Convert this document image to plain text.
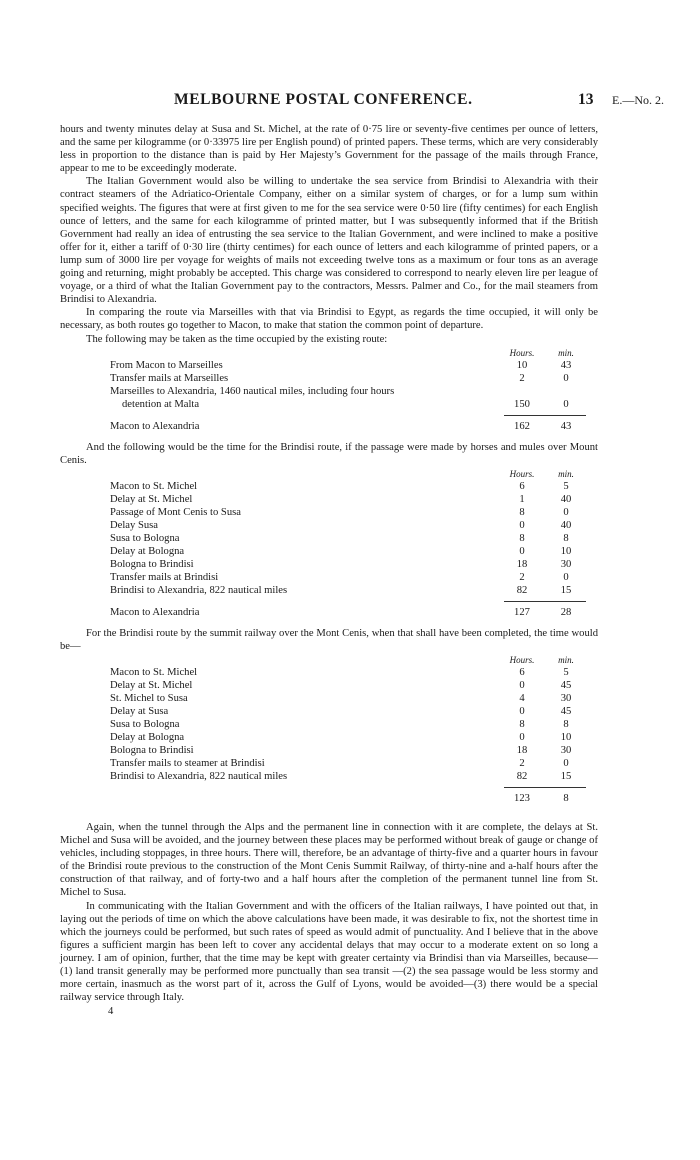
MELBOURNE POSTAL CONFERENCE.	13 E.—No. 2.

hours and twenty minutes delay at Susa and St. Michel, at the rate of 0·75 lire or seventy-five centimes per ounce of letters, and the same per kilogramme (or 0·33975 lire per English pound) of printed papers. These terms, which are very considerably less in proportion to the distance than is paid by Her Majesty’s Government for the passage of the mails through France, appear to me to be exceedingly moderate.

The Italian Government would also be willing to undertake the sea service from Brindisi to Alexandria with their contract steamers of the Adriatico-Orientale Company, either on a similar system of charges, or for a lump sum within specified weights. The figures that were at first given to me for the sea service were 0·50 lire (fifty centimes) for each English ounce of letters, and the same for each kilogramme of printed matter, but I was subsequently informed that if the British Government had really an idea of entrusting the sea service to the Italian Government, and were inclined to make a positive offer for it, either a tariff of 0·30 lire (thirty centimes) for each ounce of letters and each kilogramme of printed papers, or a lump sum of 3000 lire per voyage for weights of mails not exceeding twelve tons as a maximum or four tons as an average going and returning, might probably be accepted. This charge was considered to correspond to nearly eleven lire per league of voyage, or a third of what the Italian Government pay to the contractors, Messrs. Palmer and Co., for the mail steamers from Brindisi to Alexandria.

In comparing the route via Marseilles with that via Brindisi to Egypt, as regards the time occupied, it will only be necessary, as both routes go together to Macon, to make that station the common point of departure.

The following may be taken as the time occupied by the existing route:

Hours.	min.
From Macon to Marseilles	10	43
Transfer mails at Marseilles	2	0
Marseilles to Alexandria, 1460 nautical miles, including four hours
detention at Malta	150	0
Macon to Alexandria	162	43

And the following would be the time for the Brindisi route, if the passage were made by horses and mules over Mount Cenis.

Hours.	min.
Macon to St. Michel	6	5
Delay at St. Michel	1	40
Passage of Mont Cenis to Susa	8	0
Delay Susa	0	40
Susa to Bologna	8	8
Delay at Bologna	0	10
Bologna to Brindisi	18	30
Transfer mails at Brindisi	2	0
Brindisi to Alexandria, 822 nautical miles	82	15
Macon to Alexandria	127	28

For the Brindisi route by the summit railway over the Mont Cenis, when that shall have been completed, the time would be—

Hours.	min.
Macon to St. Michel	6	5
Delay at St. Michel	0	45
St. Michel to Susa	4	30
Delay at Susa	0	45
Susa to Bologna	8	8
Delay at Bologna	0	10
Bologna to Brindisi	18	30
Transfer mails to steamer at Brindisi	2	0
Brindisi to Alexandria, 822 nautical miles	82	15
123	8

Again, when the tunnel through the Alps and the permanent line in connection with it are complete, the delays at St. Michel and Susa will be avoided, and the journey between these places may be performed without break of gauge or change of vehicles, including stoppages, in three hours. There will, therefore, be an advantage of thirty-five and a quarter hours in favour of the Brindisi route previous to the construction of the Mont Cenis Summit Railway, of thirty-nine and a-half hours after the construction of that railway, and of forty-two and a half hours after the completion of the permanent tunnel line from St. Michel to Susa.

In communicating with the Italian Government and with the officers of the Italian railways, I have pointed out that, in laying out the periods of time on which the above calculations have been made, it was desirable to fix, not the shortest time in which the journeys could be performed, but such rates of speed as would admit of punctuality. And I believe that in the above figures a sufficient margin has been left to cover any accidental delays that may occur to a moderate extent on so long a journey. I am of opinion, further, that the time may be kept with greater certainty via Brindisi than via Marseilles, because—(1) land transit generally may be performed more punctually than sea transit —(2) the sea passage would be less stormy and more certain, inasmuch as the worst part of it, across the Gulf of Lyons, would be avoided—(3) there would be a special railway service through Italy.

4
